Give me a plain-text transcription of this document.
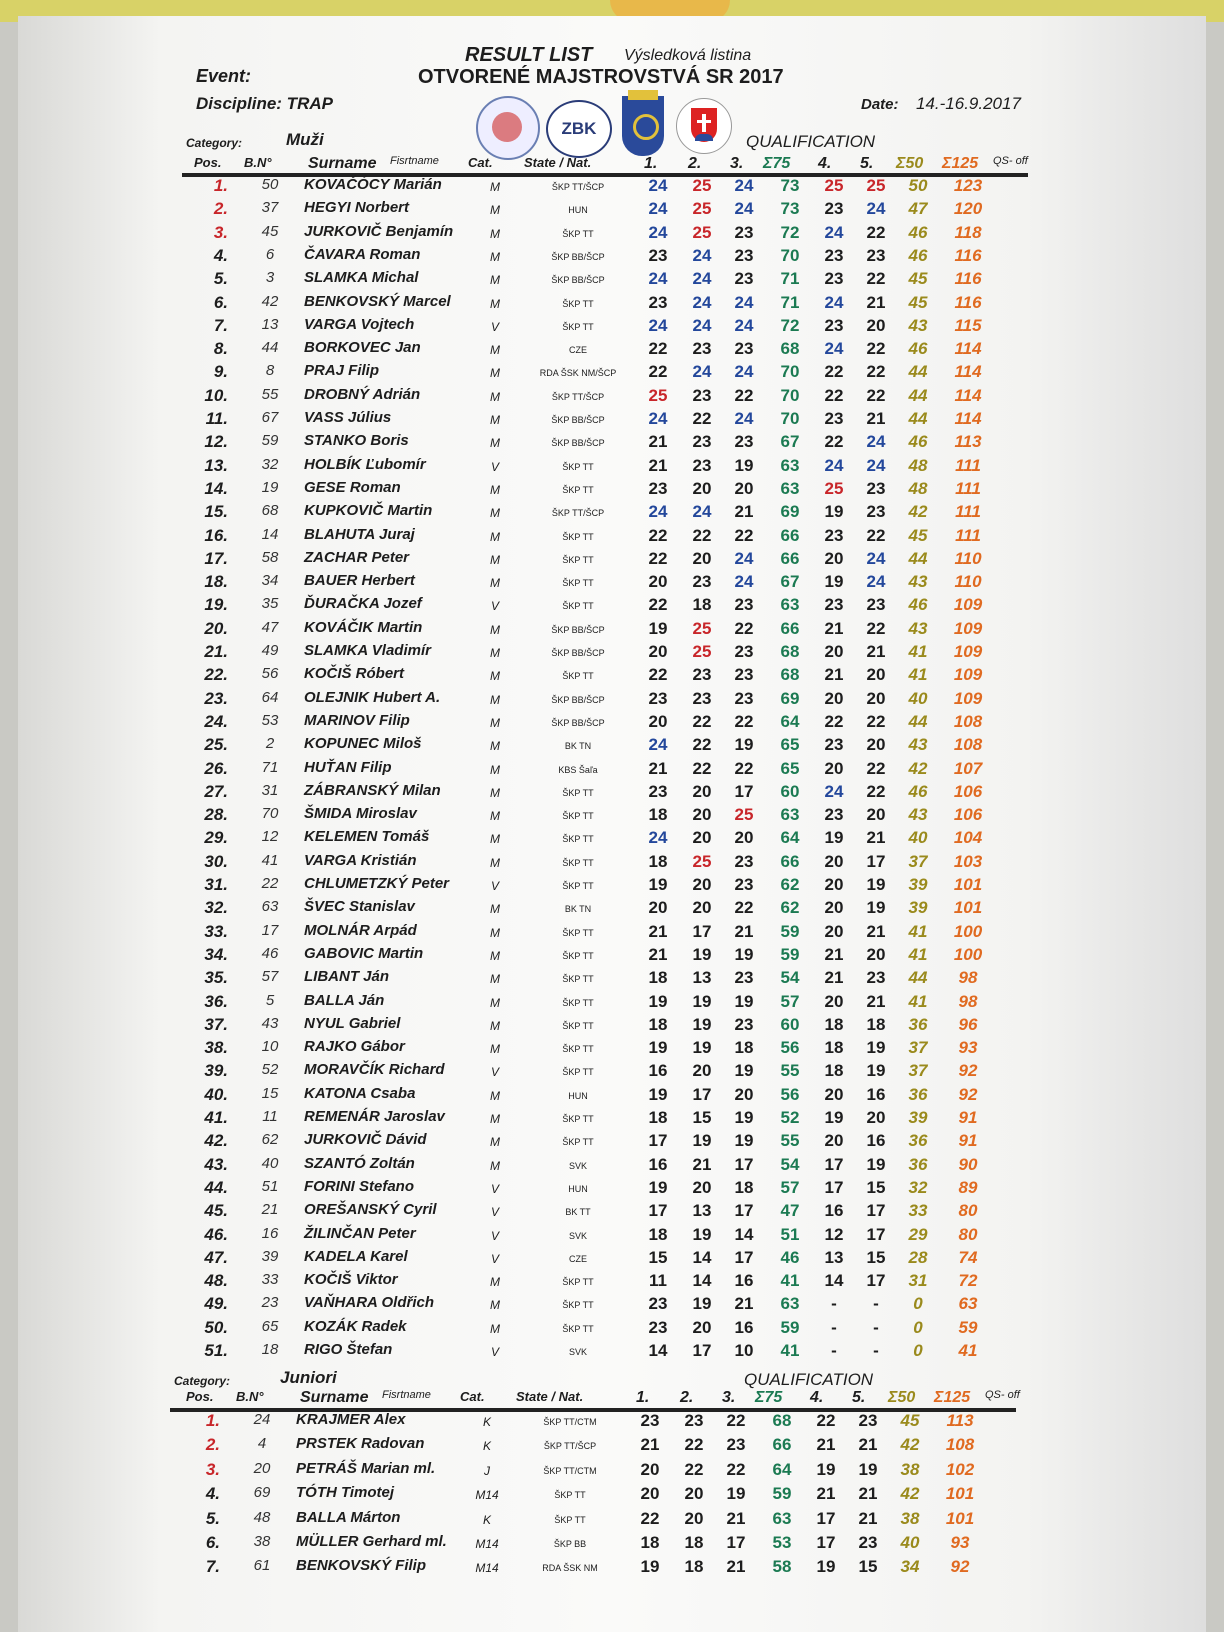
RESULT LIST Výsledková listina
Event:	OTVORENÉ MAJSTROVSTVÁ SR 2017
Discipline: TRAP	Date: 14.-16.9.2017
ZBK
Category:	Muži	QUALIFICATION
Pos. B.N° Surname Fisrtname Cat. State / Nat.	1. 2. 3. Σ75 4. 5. Σ50 Σ125 QS- off
1.	50	KOVAČÓCY Marián	M	ŠKP TT/ŠCP	24	25	24	73	25	25	50	123
2.	37	HEGYI Norbert	M	HUN	24	25	24	73	23	24	47	120
3.	45	JURKOVIČ Benjamín	M	ŠKP TT	24	25	23	72	24	22	46	118
4.	6	ČAVARA Roman	M	ŠKP BB/ŠCP	23	24	23	70	23	23	46	116
5.	3	SLAMKA Michal	M	ŠKP BB/ŠCP	24	24	23	71	23	22	45	116
6.	42	BENKOVSKÝ Marcel	M	ŠKP TT	23	24	24	71	24	21	45	116
7.	13	VARGA Vojtech	V	ŠKP TT	24	24	24	72	23	20	43	115
8.	44	BORKOVEC Jan	M	CZE	22	23	23	68	24	22	46	114
9.	8	PRAJ Filip	M	RDA ŠSK NM/ŠCP	22	24	24	70	22	22	44	114
10.	55	DROBNÝ Adrián	M	ŠKP TT/ŠCP	25	23	22	70	22	22	44	114
11.	67	VASS Július	M	ŠKP BB/ŠCP	24	22	24	70	23	21	44	114
12.	59	STANKO Boris	M	ŠKP BB/ŠCP	21	23	23	67	22	24	46	113
13.	32	HOLBÍK Ľubomír	V	ŠKP TT	21	23	19	63	24	24	48	111
14.	19	GESE Roman	M	ŠKP TT	23	20	20	63	25	23	48	111
15.	68	KUPKOVIČ Martin	M	ŠKP TT/ŠCP	24	24	21	69	19	23	42	111
16.	14	BLAHUTA Juraj	M	ŠKP TT	22	22	22	66	23	22	45	111
17.	58	ZACHAR Peter	M	ŠKP TT	22	20	24	66	20	24	44	110
18.	34	BAUER Herbert	M	ŠKP TT	20	23	24	67	19	24	43	110
19.	35	ĎURAČKA Jozef	V	ŠKP TT	22	18	23	63	23	23	46	109
20.	47	KOVÁČIK Martin	M	ŠKP BB/ŠCP	19	25	22	66	21	22	43	109
21.	49	SLAMKA Vladimír	M	ŠKP BB/ŠCP	20	25	23	68	20	21	41	109
22.	56	KOČIŠ Róbert	M	ŠKP TT	22	23	23	68	21	20	41	109
23.	64	OLEJNIK Hubert A.	M	ŠKP BB/ŠCP	23	23	23	69	20	20	40	109
24.	53	MARINOV Filip	M	ŠKP BB/ŠCP	20	22	22	64	22	22	44	108
25.	2	KOPUNEC Miloš	M	BK TN	24	22	19	65	23	20	43	108
26.	71	HUŤAN Filip	M	KBS Šaľa	21	22	22	65	20	22	42	107
27.	31	ZÁBRANSKÝ Milan	M	ŠKP TT	23	20	17	60	24	22	46	106
28.	70	ŠMIDA Miroslav	M	ŠKP TT	18	20	25	63	23	20	43	106
29.	12	KELEMEN Tomáš	M	ŠKP TT	24	20	20	64	19	21	40	104
30.	41	VARGA Kristián	M	ŠKP TT	18	25	23	66	20	17	37	103
31.	22	CHLUMETZKÝ Peter	V	ŠKP TT	19	20	23	62	20	19	39	101
32.	63	ŠVEC Stanislav	M	BK TN	20	20	22	62	20	19	39	101
33.	17	MOLNÁR Arpád	M	ŠKP TT	21	17	21	59	20	21	41	100
34.	46	GABOVIC Martin	M	ŠKP TT	21	19	19	59	21	20	41	100
35.	57	LIBANT Ján	M	ŠKP TT	18	13	23	54	21	23	44	98
36.	5	BALLA Ján	M	ŠKP TT	19	19	19	57	20	21	41	98
37.	43	NYUL Gabriel	M	ŠKP TT	18	19	23	60	18	18	36	96
38.	10	RAJKO Gábor	M	ŠKP TT	19	19	18	56	18	19	37	93
39.	52	MORAVČÍK Richard	V	ŠKP TT	16	20	19	55	18	19	37	92
40.	15	KATONA Csaba	M	HUN	19	17	20	56	20	16	36	92
41.	11	REMENÁR Jaroslav	M	ŠKP TT	18	15	19	52	19	20	39	91
42.	62	JURKOVIČ Dávid	M	ŠKP TT	17	19	19	55	20	16	36	91
43.	40	SZANTÓ Zoltán	M	SVK	16	21	17	54	17	19	36	90
44.	51	FORINI Stefano	V	HUN	19	20	18	57	17	15	32	89
45.	21	OREŠANSKÝ Cyril	V	BK TT	17	13	17	47	16	17	33	80
46.	16	ŽILINČAN Peter	V	SVK	18	19	14	51	12	17	29	80
47.	39	KADELA Karel	V	CZE	15	14	17	46	13	15	28	74
48.	33	KOČIŠ Viktor	M	ŠKP TT	11	14	16	41	14	17	31	72
49.	23	VAŇHARA Oldřich	M	ŠKP TT	23	19	21	63	-	-	0	63
50.	65	KOZÁK Radek	M	ŠKP TT	23	20	16	59	-	-	0	59
51.	18	RIGO Štefan	V	SVK	14	17	10	41	-	-	0	41
Category:	Juniori	QUALIFICATION
Pos. B.N° Surname Fisrtname Cat. State / Nat.	1. 2. 3. Σ75 4. 5. Σ50 Σ125 QS- off
1.	24	KRAJMER Alex	K	ŠKP TT/CTM	23	23	22	68	22	23	45	113
2.	4	PRSTEK Radovan	K	ŠKP TT/ŠCP	21	22	23	66	21	21	42	108
3.	20	PETRÁŠ Marian ml.	J	ŠKP TT/CTM	20	22	22	64	19	19	38	102
4.	69	TÓTH Timotej	M14	ŠKP TT	20	20	19	59	21	21	42	101
5.	48	BALLA Márton	K	ŠKP TT	22	20	21	63	17	21	38	101
6.	38	MÜLLER Gerhard ml.	M14	ŠKP BB	18	18	17	53	17	23	40	93
7.	61	BENKOVSKÝ Filip	M14	RDA ŠSK NM	19	18	21	58	19	15	34	92
